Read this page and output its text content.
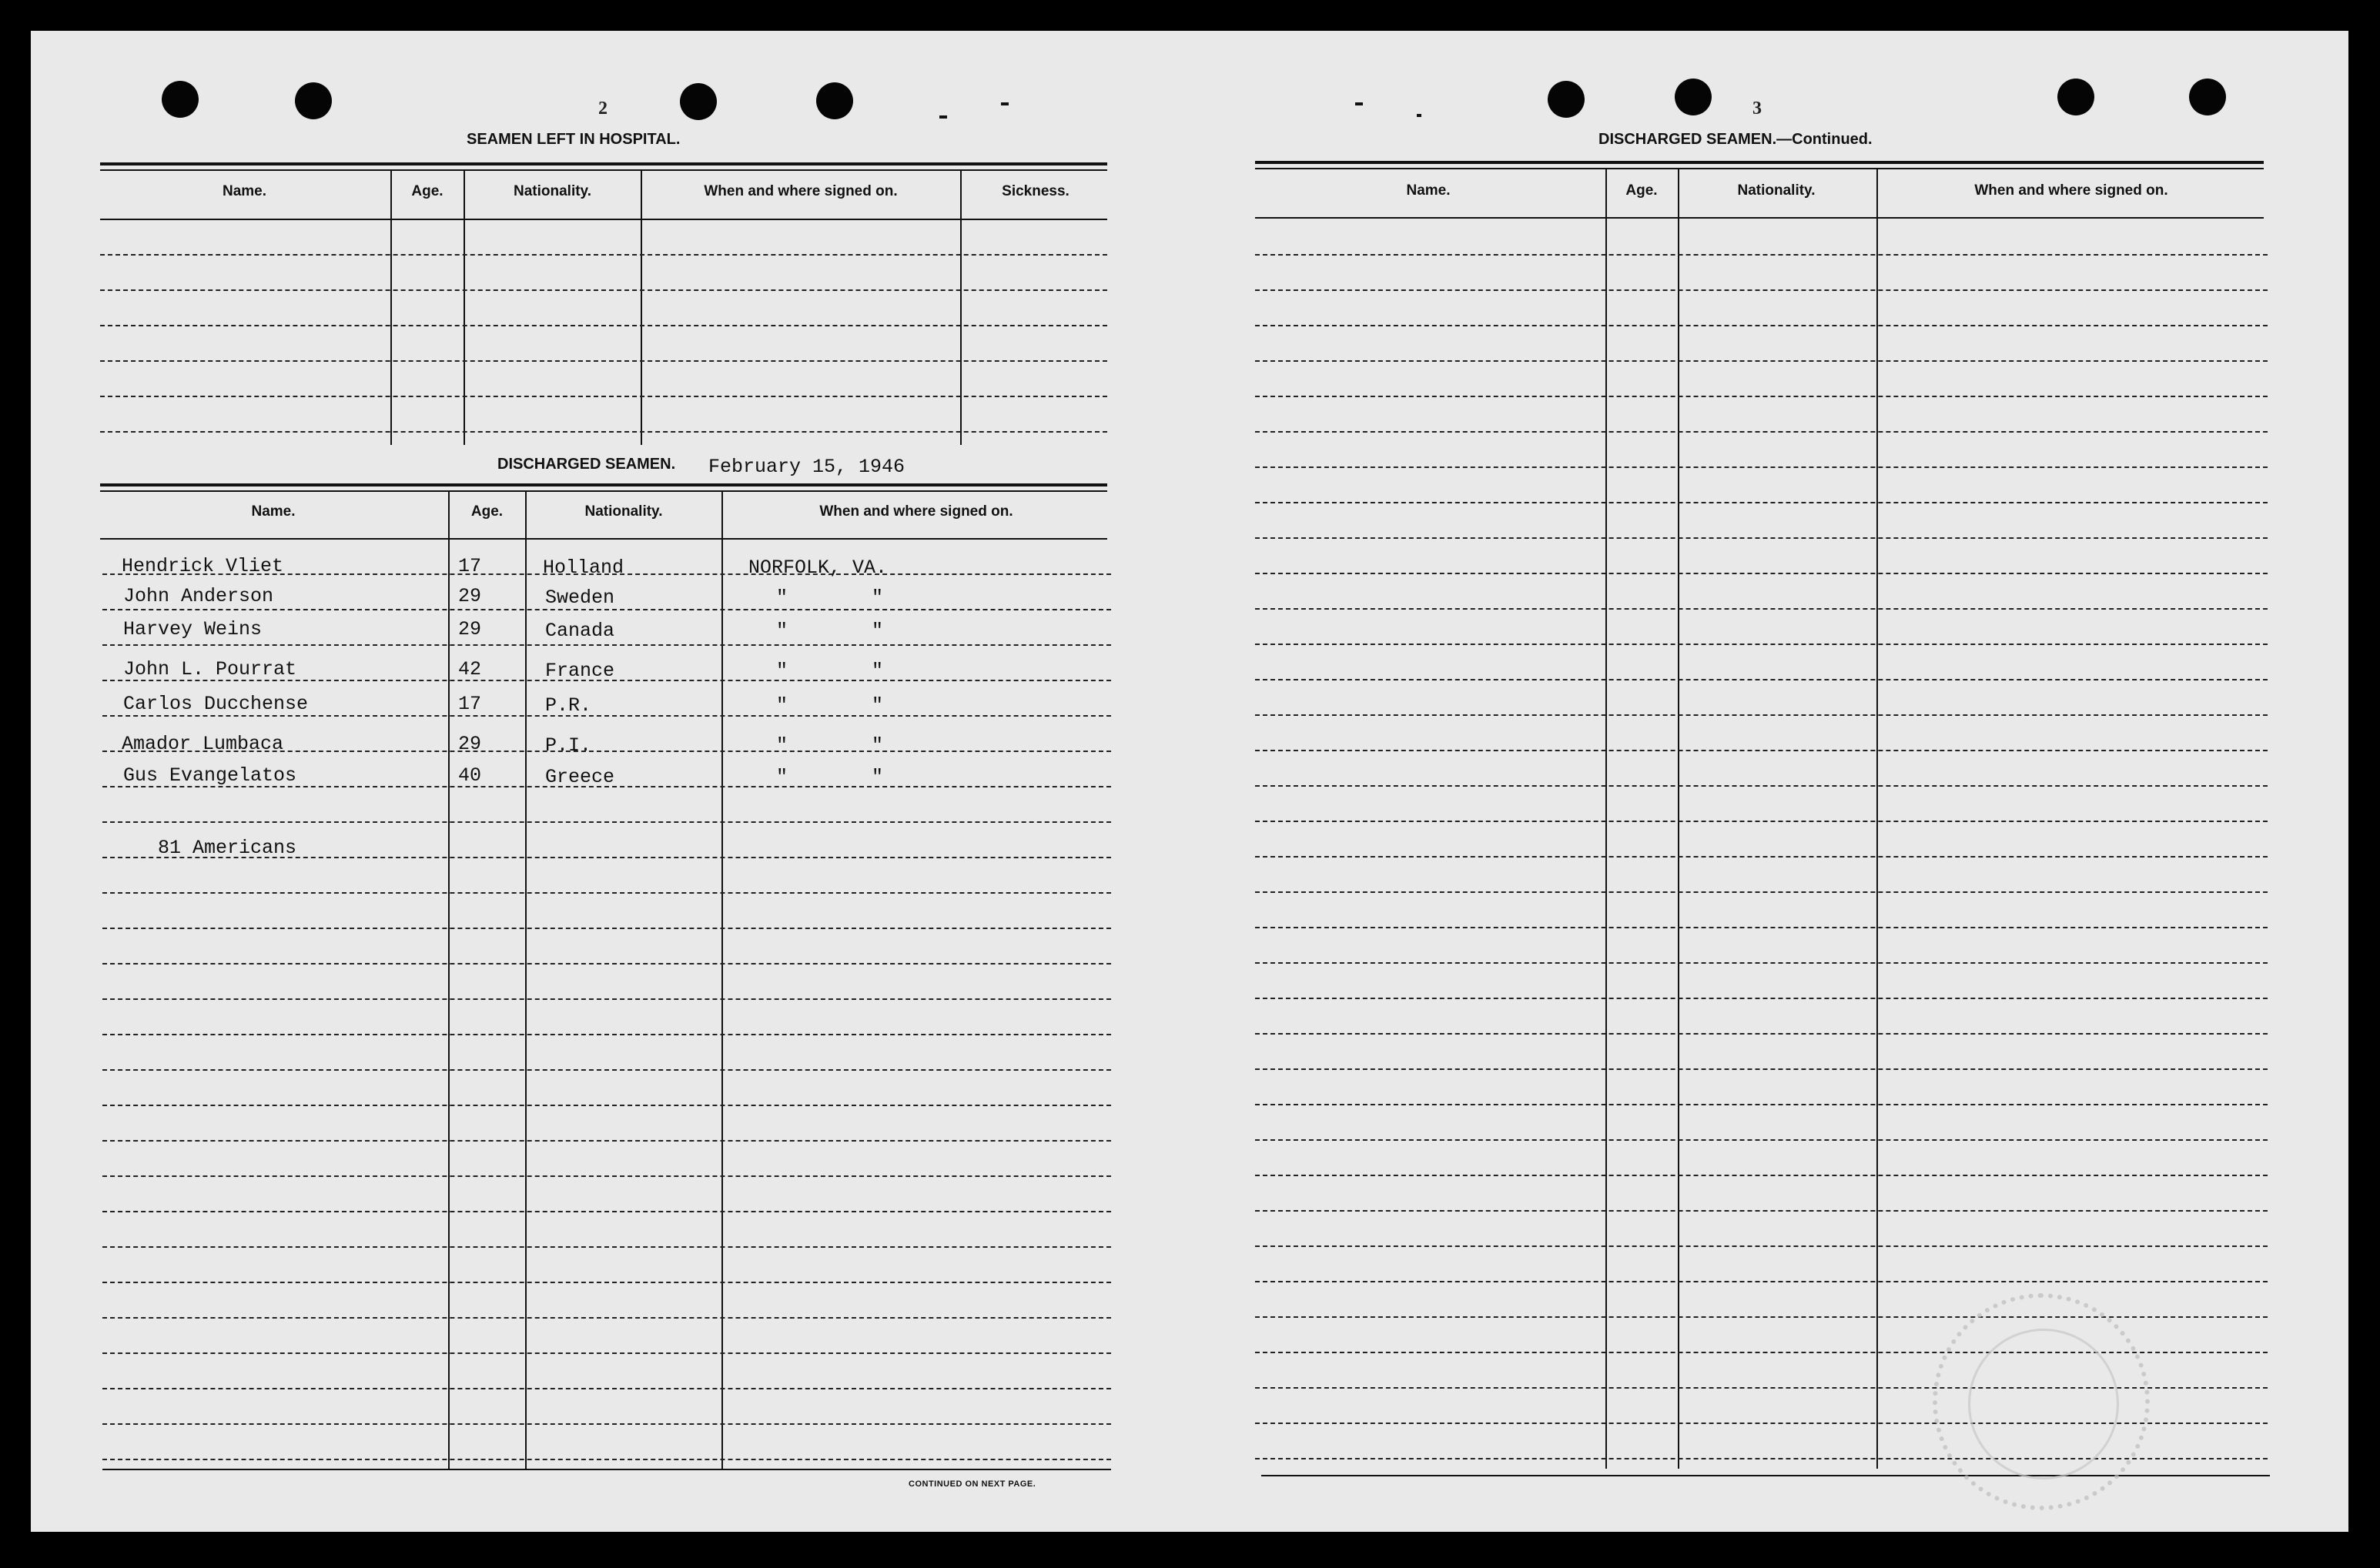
2
SEAMEN LEFT IN HOSPITAL.
Name.	Age.	Nationality.	When and where signed on.	Sickness.
DISCHARGED SEAMEN. February 15, 1946
Name.	Age.	Nationality.	When and where signed on.
Hendrick Vliet	17	Holland	NORFOLK, VA.
John Anderson	29	Sweden	"	"
Harvey Weins	29	Canada	"	"
John L. Pourrat	42	France	"	"
Carlos Ducchense	17	P.R.	"	"
Amador Lumbaca	29	P.I.	"	"
Gus Evangelatos	40	Greece	"	"
81 Americans
CONTINUED ON NEXT PAGE.
3
DISCHARGED SEAMEN.—Continued.
Name.	Age.	Nationality.	When and where signed on.
